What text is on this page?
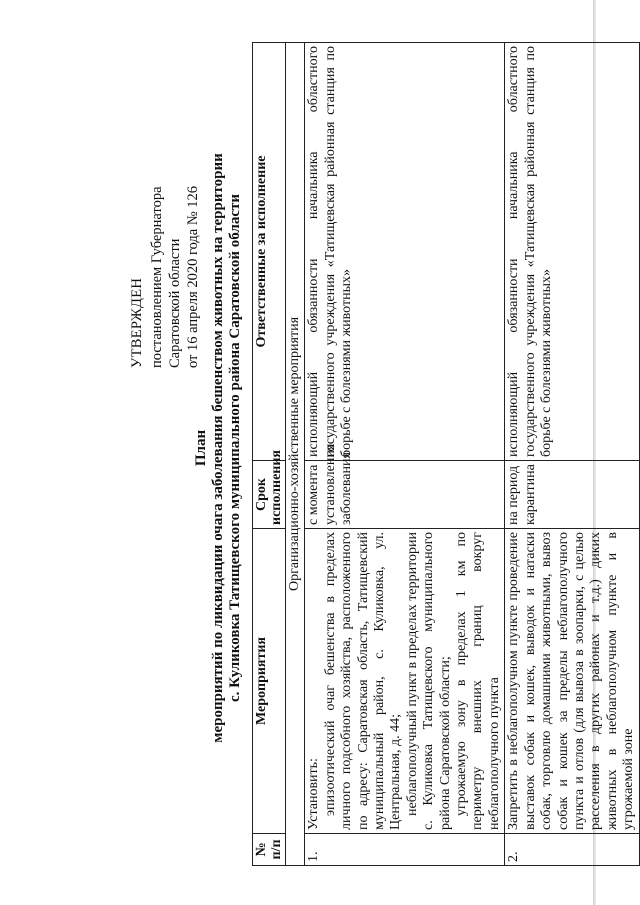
УТВЕРЖДЕН постановлением Губернатора Саратовской области от 16 апреля 2020 года № 126
План мероприятий по ликвидации очага заболевания бешенством животных на территории с. Куликовка Татищевского муниципального района Саратовской области
№ п/п	Мероприятия	Срок исполнения	Ответственные за исполнение
Организационно-хозяйственные мероприятия			
1.	Установить: эпизоотический очаг бешенства в пределах личного подсобного хозяйства, расположенного по адресу: Саратовская область, Татищевский муниципальный район, с. Куликовка, ул. Центральная, д. 44; неблагополучный пункт в пределах территории с. Куликовка Татищевского муниципального района Саратовской области; угрожаемую зону в пределах 1 км по периметру внешних границ вокруг неблагополучного пункта	с момента установления заболевания	исполняющий обязанности начальника областного государственного учреждения «Татищевская районная станция по борьбе с болезнями животных»
2.	Запретить в неблагополучном пункте проведение выставок собак и кошек, выводок и натаски собак, торговлю домашними животными, вывоз собак и кошек за пределы неблагополучного пункта и отлов (для вывоза в зоопарки, с целью расселения в других районах и т.д.) диких животных в неблагополучном пункте и в угрожаемой зоне	на период карантина	исполняющий обязанности начальника областного государственного учреждения «Татищевская районная станция по борьбе с болезнями животных»
